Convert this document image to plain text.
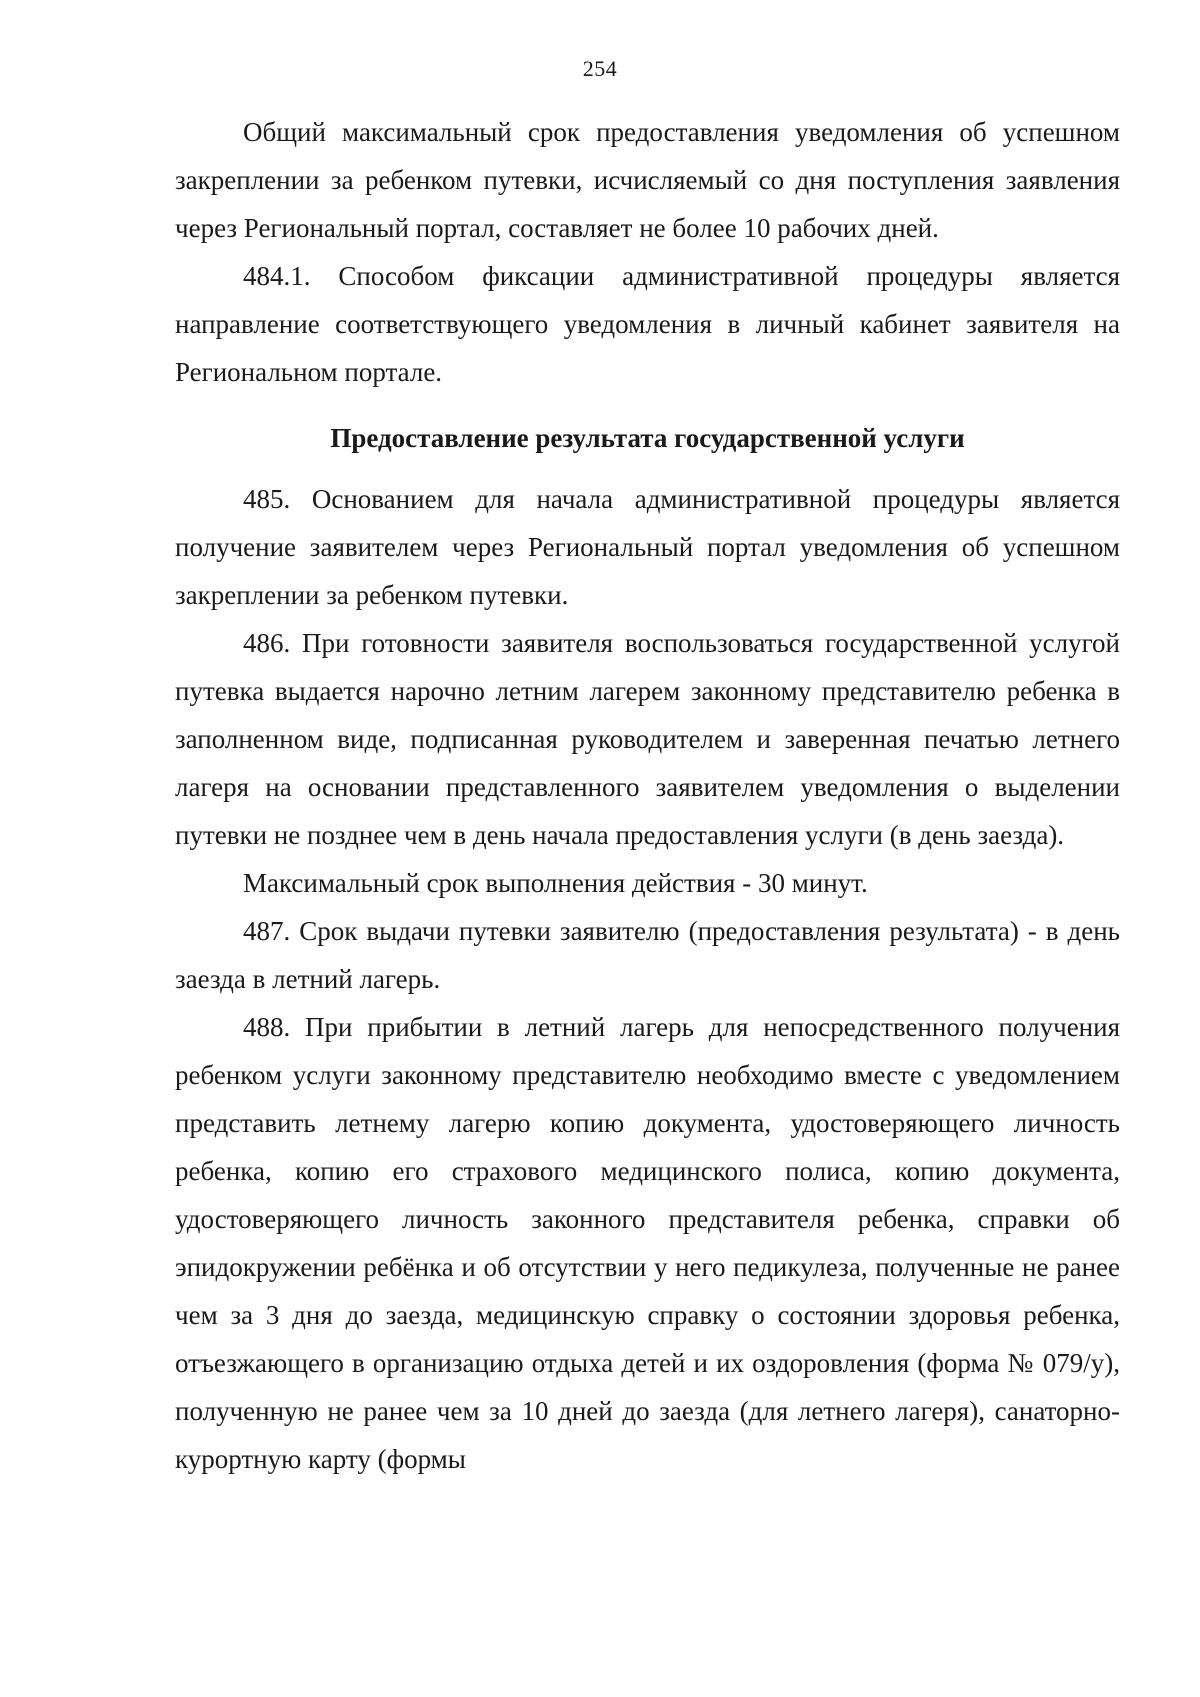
254

Общий максимальный срок предоставления уведомления об успешном закреплении за ребенком путевки, исчисляемый со дня поступления заявления через Региональный портал, составляет не более 10 рабочих дней.

484.1. Способом фиксации административной процедуры является направление соответствующего уведомления в личный кабинет заявителя на Региональном портале.

Предоставление результата государственной услуги

485. Основанием для начала административной процедуры является получение заявителем через Региональный портал уведомления об успешном закреплении за ребенком путевки.

486. При готовности заявителя воспользоваться государственной услугой путевка выдается нарочно летним лагерем законному представителю ребенка в заполненном виде, подписанная руководителем и заверенная печатью летнего лагеря на основании представленного заявителем уведомления о выделении путевки не позднее чем в день начала предоставления услуги (в день заезда).

Максимальный срок выполнения действия - 30 минут.

487. Срок выдачи путевки заявителю (предоставления результата) - в день заезда в летний лагерь.

488. При прибытии в летний лагерь для непосредственного получения ребенком услуги законному представителю необходимо вместе с уведомлением представить летнему лагерю копию документа, удостоверяющего личность ребенка, копию его страхового медицинского полиса, копию документа, удостоверяющего личность законного представителя ребенка, справки об эпидокружении ребёнка и об отсутствии у него педикулеза, полученные не ранее чем за 3 дня до заезда, медицинскую справку о состоянии здоровья ребенка, отъезжающего в организацию отдыха детей и их оздоровления (форма № 079/у), полученную не ранее чем за 10 дней до заезда (для летнего лагеря), санаторно-курортную карту (формы
